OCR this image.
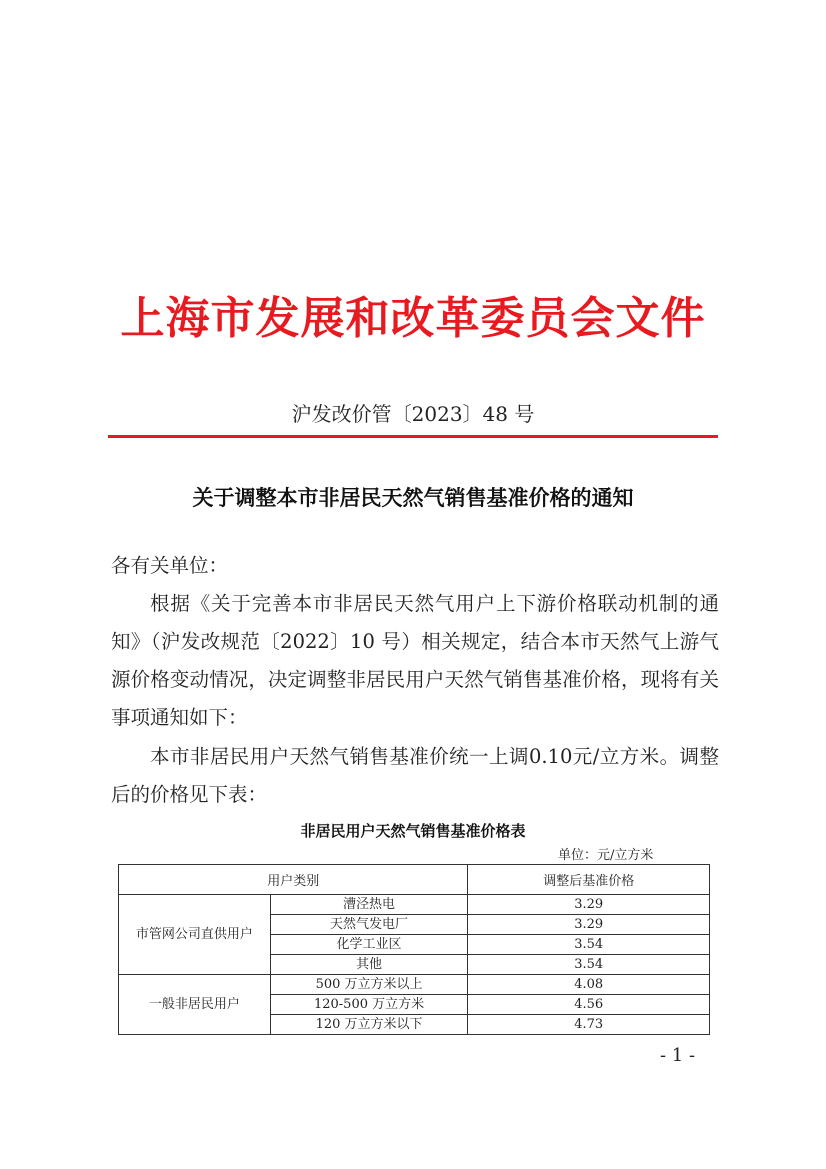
上海市发展和改革委员会文件
沪发改价管〔2023〕48 号
关于调整本市非居民天然气销售基准价格的通知
各有关单位：
根据《关于完善本市非居民天然气用户上下游价格联动机制的通知》（沪发改规范〔2022〕10 号）相关规定，结合本市天然气上游气源价格变动情况，决定调整非居民用户天然气销售基准价格，现将有关事项通知如下：
本市非居民用户天然气销售基准价统一上调0.10元/立方米。调整后的价格见下表：
非居民用户天然气销售基准价格表
单位：元/立方米
用户类别		调整后基准价格
市管网公司直供用户	漕泾热电	3.29
	天然气发电厂	3.29
	化学工业区	3.54
	其他	3.54
一般非居民用户	500 万立方米以上	4.08
	120-500 万立方米	4.56
	120 万立方米以下	4.73
- 1 -
